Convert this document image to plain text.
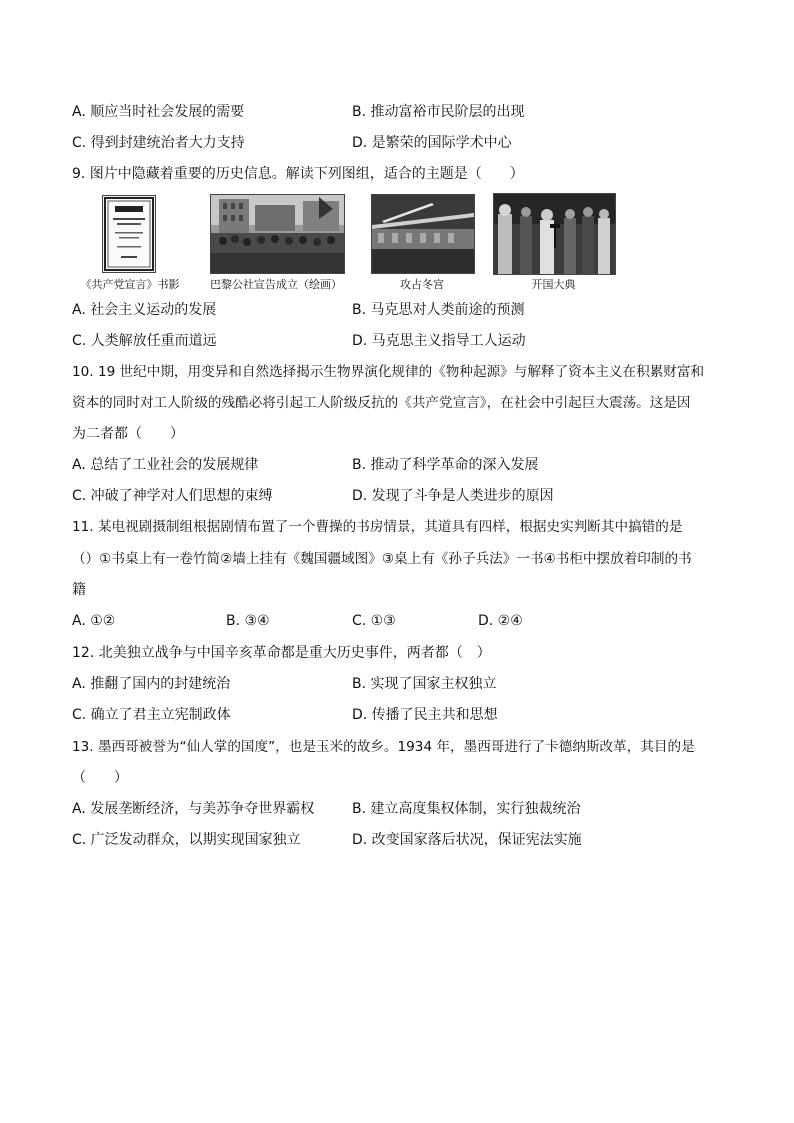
A. 顺应当时社会发展的需要	B. 推动富裕市民阶层的出现
C. 得到封建统治者大力支持	D. 是繁荣的国际学术中心
9. 图片中隐藏着重要的历史信息。解读下列图组，适合的主题是（　　）
《共产党宣言》书影	巴黎公社宣告成立（绘画）	攻占冬宫	开国大典
A. 社会主义运动的发展	B. 马克思对人类前途的预测
C. 人类解放任重而道远	D. 马克思主义指导工人运动
10. 19 世纪中期，用变异和自然选择揭示生物界演化规律的《物种起源》与解释了资本主义在积累财富和
资本的同时对工人阶级的残酷必将引起工人阶级反抗的《共产党宣言》，在社会中引起巨大震荡。这是因
为二者都（　　）
A. 总结了工业社会的发展规律	B. 推动了科学革命的深入发展
C. 冲破了神学对人们思想的束缚	D. 发现了斗争是人类进步的原因
11. 某电视剧摄制组根据剧情布置了一个曹操的书房情景，其道具有四样，根据史实判断其中搞错的是
（）①书桌上有一卷竹简②墙上挂有《魏国疆域图》③桌上有《孙子兵法》一书④书柜中摆放着印制的书
籍
A. ①②	B. ③④	C. ①③	D. ②④
12. 北美独立战争与中国辛亥革命都是重大历史事件，两者都（　）
A. 推翻了国内的封建统治	B. 实现了国家主权独立
C. 确立了君主立宪制政体	D. 传播了民主共和思想
13. 墨西哥被誉为“仙人掌的国度”，也是玉米的故乡。1934 年，墨西哥进行了卡德纳斯改革，其目的是
（　　）
A. 发展垄断经济，与美苏争夺世界霸权	B. 建立高度集权体制，实行独裁统治
C. 广泛发动群众，以期实现国家独立	D. 改变国家落后状况，保证宪法实施
